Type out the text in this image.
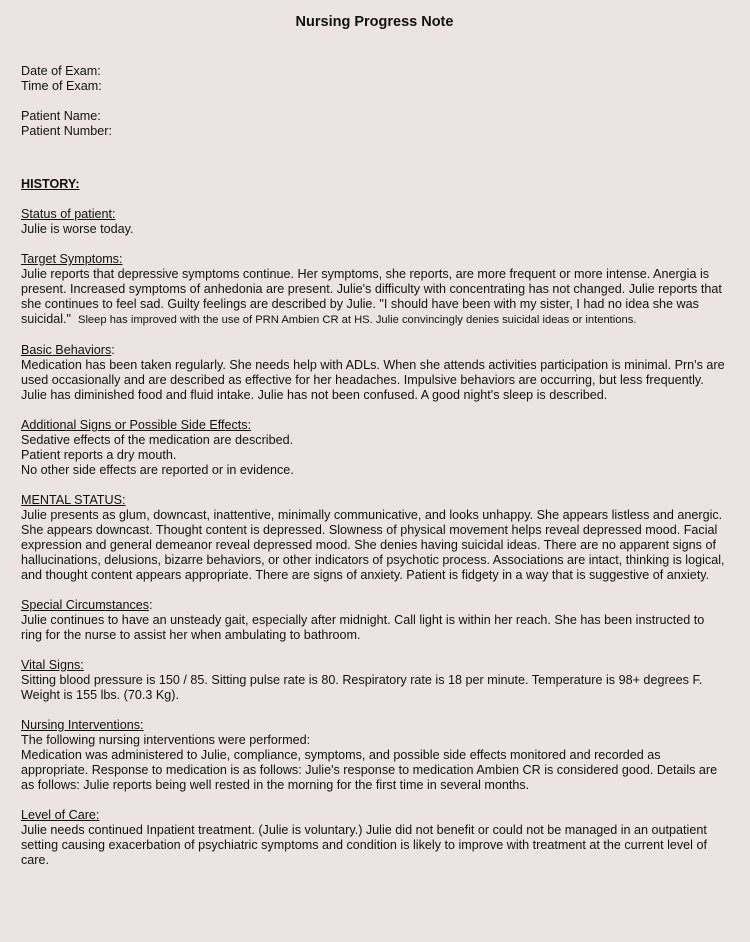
Nursing Progress Note
Date of Exam:
Time of Exam:
Patient Name:
Patient Number:
HISTORY:
Status of patient:

Julie is worse today.

Target Symptoms:

Julie reports that depressive symptoms continue. Her symptoms, she reports, are more frequent or more intense. Anergia is present. Increased symptoms of anhedonia are present. Julie's difficulty with concentrating has not changed. Julie reports that she continues to feel sad. Guilty feelings are described by Julie. "I should have been with my sister, I had no idea she was suicidal." Sleep has improved with the use of PRN Ambien CR at HS. Julie convincingly denies suicidal ideas or intentions.

Basic Behaviors:

Medication has been taken regularly. She needs help with ADLs. When she attends activities participation is minimal. Prn's are used occasionally and are described as effective for her headaches. Impulsive behaviors are occurring, but less frequently. Julie has diminished food and fluid intake. Julie has not been confused. A good night's sleep is described.

Additional Signs or Possible Side Effects:

Sedative effects of the medication are described.

Patient reports a dry mouth.

No other side effects are reported or in evidence.

MENTAL STATUS:

Julie presents as glum, downcast, inattentive, minimally communicative, and looks unhappy. She appears listless and anergic. She appears downcast. Thought content is depressed. Slowness of physical movement helps reveal depressed mood. Facial expression and general demeanor reveal depressed mood. She denies having suicidal ideas. There are no apparent signs of hallucinations, delusions, bizarre behaviors, or other indicators of psychotic process. Associations are intact, thinking is logical, and thought content appears appropriate. There are signs of anxiety. Patient is fidgety in a way that is suggestive of anxiety.

Special Circumstances:

Julie continues to have an unsteady gait, especially after midnight. Call light is within her reach. She has been instructed to ring for the nurse to assist her when ambulating to bathroom.

Vital Signs:

Sitting blood pressure is 150 / 85. Sitting pulse rate is 80. Respiratory rate is 18 per minute. Temperature is 98+ degrees F. Weight is 155 lbs. (70.3 Kg).

Nursing Interventions:

The following nursing interventions were performed:

Medication was administered to Julie, compliance, symptoms, and possible side effects monitored and recorded as appropriate. Response to medication is as follows: Julie's response to medication Ambien CR is considered good. Details are as follows: Julie reports being well rested in the morning for the first time in several months.

Level of Care:

Julie needs continued Inpatient treatment. (Julie is voluntary.) Julie did not benefit or could not be managed in an outpatient setting causing exacerbation of psychiatric symptoms and condition is likely to improve with treatment at the current level of care.
